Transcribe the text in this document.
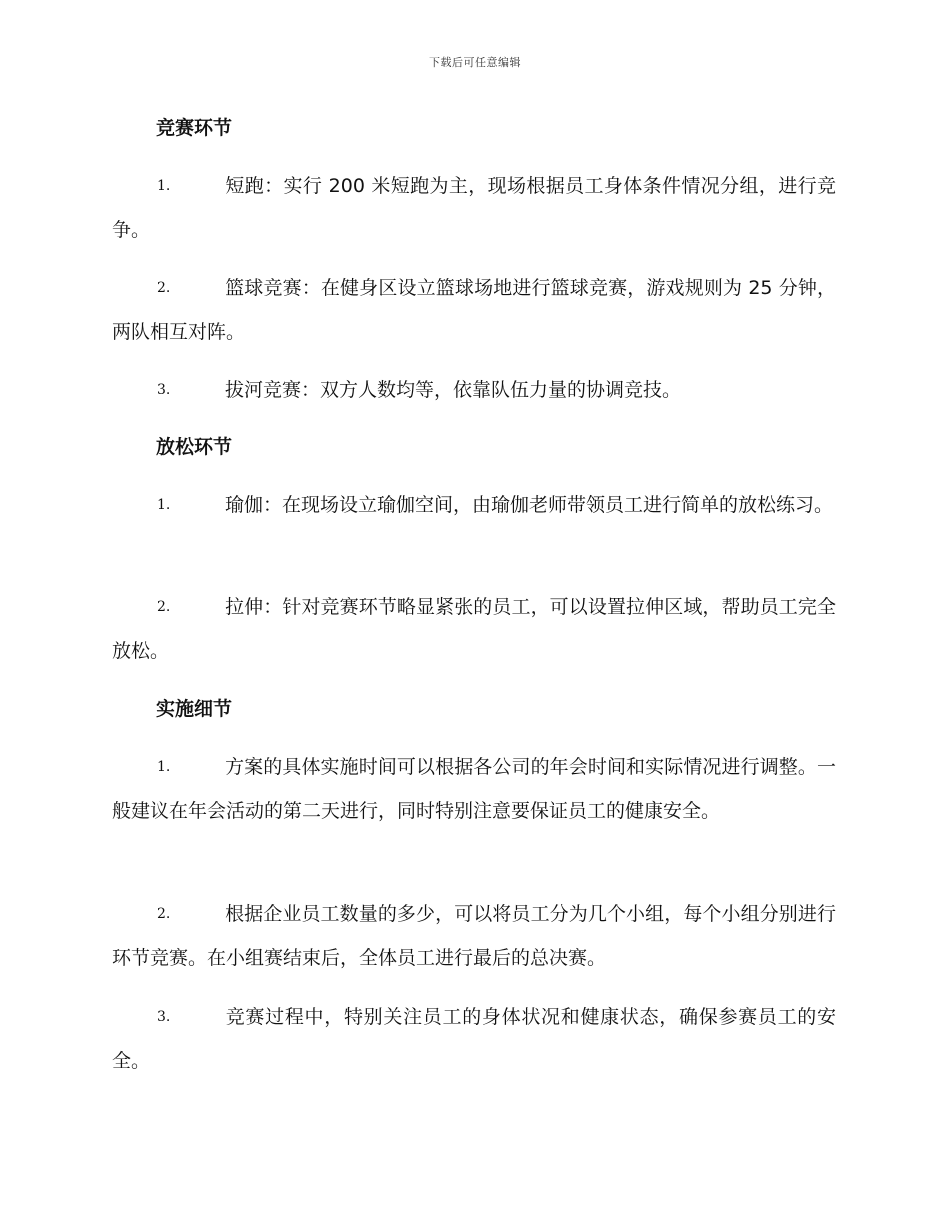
下载后可任意编辑
竞赛环节

1.	短跑：实行 200 米短跑为主，现场根据员工身体条件情况分组，进行竞争。

2.	篮球竞赛：在健身区设立篮球场地进行篮球竞赛，游戏规则为 25 分钟，两队相互对阵。

3.	拔河竞赛：双方人数均等，依靠队伍力量的协调竞技。

放松环节

1.	瑜伽：在现场设立瑜伽空间，由瑜伽老师带领员工进行简单的放松练习。

2.	拉伸：针对竞赛环节略显紧张的员工，可以设置拉伸区域，帮助员工完全放松。

实施细节

1.	方案的具体实施时间可以根据各公司的年会时间和实际情况进行调整。一般建议在年会活动的第二天进行，同时特别注意要保证员工的健康安全。

2.	根据企业员工数量的多少，可以将员工分为几个小组，每个小组分别进行环节竞赛。在小组赛结束后，全体员工进行最后的总决赛。

3.	竞赛过程中，特别关注员工的身体状况和健康状态，确保参赛员工的安全。
